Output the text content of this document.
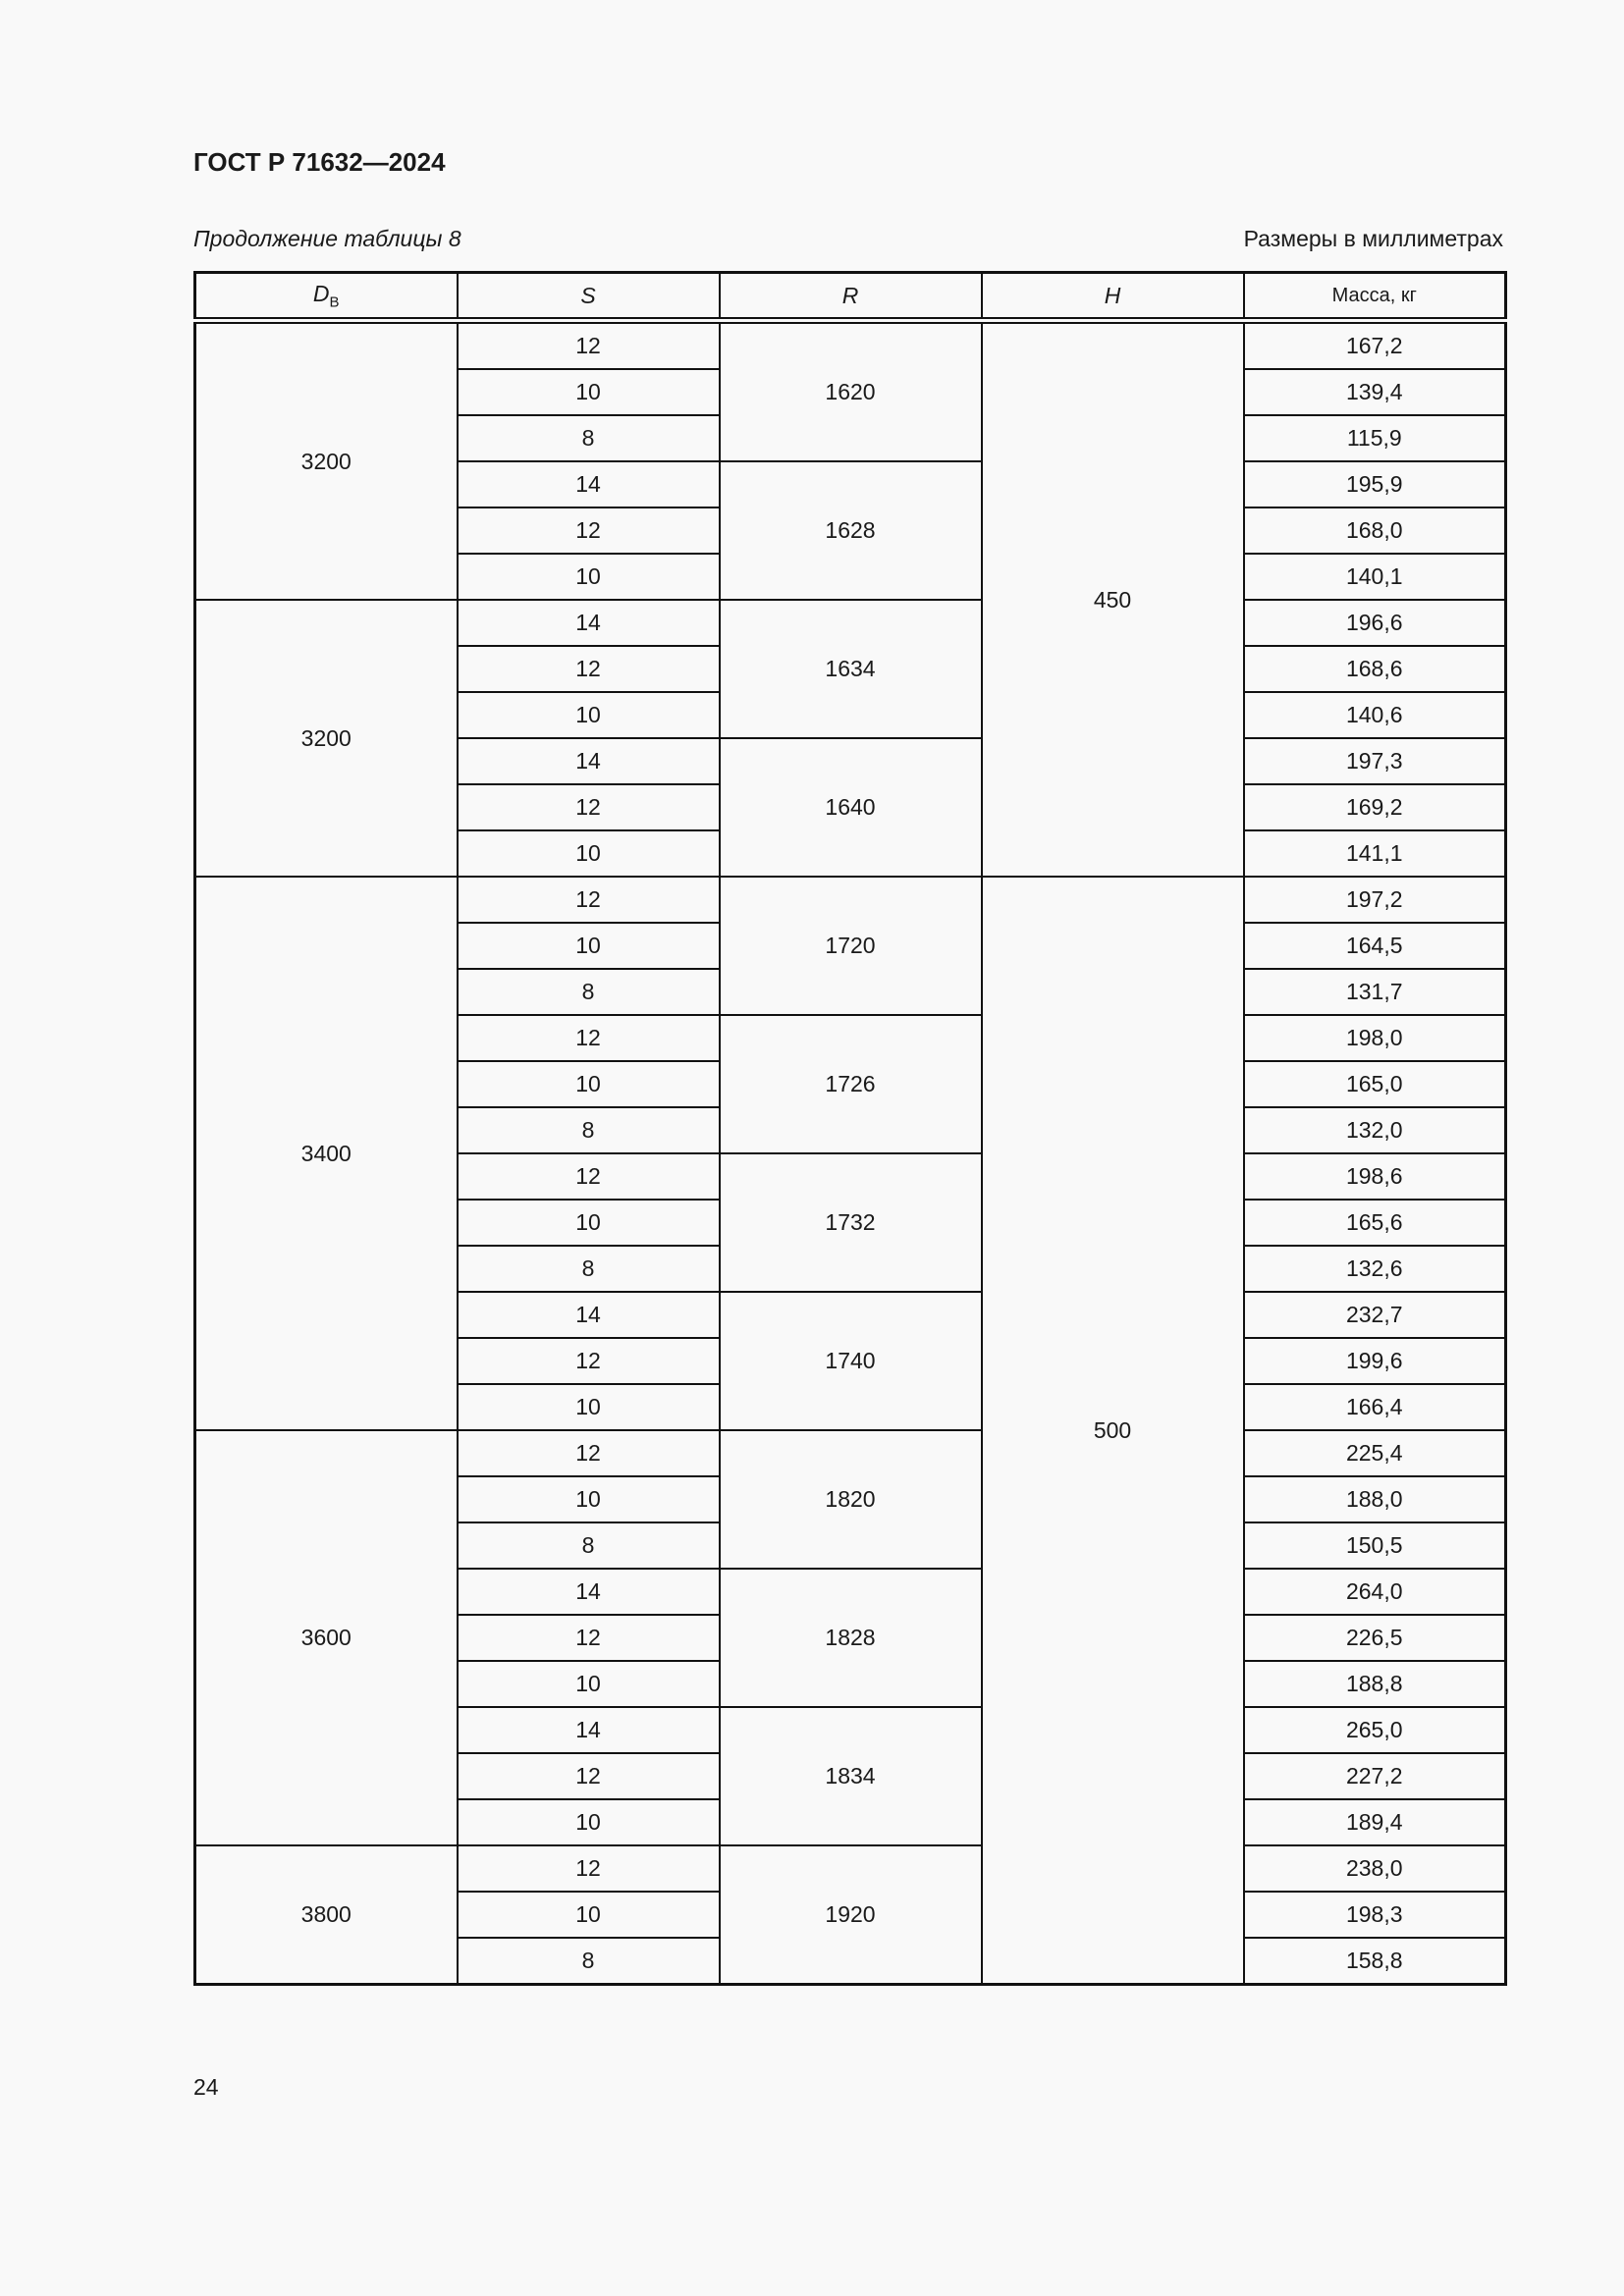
ГОСТ Р 71632—2024
Продолжение таблицы 8	Размеры в миллиметрах
$D_В$	S	R	H	Масса, кг
3200	12	1620	450	167,2
	10			139,4
	8			115,9
	14	1628		195,9
	12			168,0
	10			140,1
3200	14	1634		196,6
	12			168,6
	10			140,6
	14	1640		197,3
	12			169,2
	10			141,1
3400	12	1720	500	197,2
	10			164,5
	8			131,7
	12	1726		198,0
	10			165,0
	8			132,0
	12	1732		198,6
	10			165,6
	8			132,6
	14	1740		232,7
	12			199,6
	10			166,4
3600	12	1820		225,4
	10			188,0
	8			150,5
	14	1828		264,0
	12			226,5
	10			188,8
	14	1834		265,0
	12			227,2
	10			189,4
3800	12	1920		238,0
	10			198,3
	8			158,8
24
